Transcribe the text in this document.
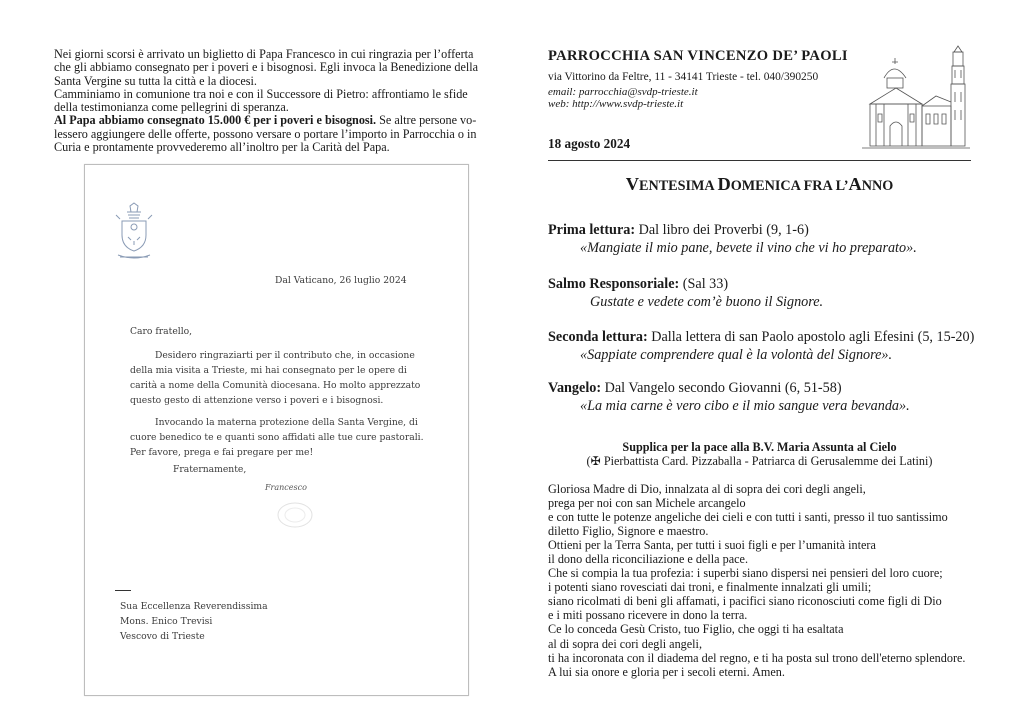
Nei giorni scorsi è arrivato un biglietto di Papa Francesco in cui ringrazia per l’offerta
che gli abbiamo consegnato per i poveri e i bisognosi. Egli invoca la Benedizione della
Santa Vergine su tutta la città e la diocesi.
Camminiamo in comunione tra noi e con il Successore di Pietro: affrontiamo le sfide
della testimonianza come pellegrini di speranza.
Al Papa abbiamo consegnato 15.000 € per i poveri e bisognosi. Se altre persone vo-
lessero aggiungere delle offerte, possono versare o portare l’importo in Parrocchia o in
Curia e prontamente provvederemo all’inoltro per la Carità del Papa.
Dal Vaticano, 26 luglio 2024
Caro fratello,
Desidero ringraziarti per il contributo che, in occasione
della mia visita a Trieste, mi hai consegnato per le opere di
carità a nome della Comunità diocesana. Ho molto apprezzato
questo gesto di attenzione verso i poveri e i bisognosi.
Invocando la materna protezione della Santa Vergine, di
cuore benedico te e quanti sono affidati alle tue cure pastorali.
Per favore, prega e fai pregare per me!
Fraternamente,
Francesco
Sua Eccellenza Reverendissima
Mons. Enico Trevisi
Vescovo di Trieste
PARROCCHIA SAN VINCENZO DE’ PAOLI
via Vittorino da Feltre, 11 - 34141 Trieste - tel. 040/390250
email: parrocchia@svdp-trieste.it
web: http://www.svdp-trieste.it
18 agosto 2024
VENTESIMA DOMENICA FRA L’ANNO
Prima lettura: Dal libro dei Proverbi (9, 1-6)
«Mangiate il mio pane, bevete il vino che vi ho preparato».
Salmo Responsoriale: (Sal 33)
Gustate e vedete com’è buono il Signore.
Seconda lettura: Dalla lettera di san Paolo apostolo agli Efesini (5, 15-20)
«Sappiate comprendere qual è la volontà del Signore».
Vangelo: Dal Vangelo secondo Giovanni (6, 51-58)
«La mia carne è vero cibo e il mio sangue vera bevanda».
Supplica per la pace alla B.V. Maria Assunta al Cielo
(✠ Pierbattista Card. Pizzaballa - Patriarca di Gerusalemme dei Latini)
Gloriosa Madre di Dio, innalzata al di sopra dei cori degli angeli,
prega per noi con san Michele arcangelo
e con tutte le potenze angeliche dei cieli e con tutti i santi, presso il tuo santissimo
diletto Figlio, Signore e maestro.
Ottieni per la Terra Santa, per tutti i suoi figli e per l’umanità intera
il dono della riconciliazione e della pace.
Che si compia la tua profezia: i superbi siano dispersi nei pensieri del loro cuore;
i potenti siano rovesciati dai troni, e finalmente innalzati gli umili;
siano ricolmati di beni gli affamati, i pacifici siano riconosciuti come figli di Dio
e i miti possano ricevere in dono la terra.
Ce lo conceda Gesù Cristo, tuo Figlio, che oggi ti ha esaltata
al di sopra dei cori degli angeli,
ti ha incoronata con il diadema del regno, e ti ha posta sul trono dell'eterno splendore.
A lui sia onore e gloria per i secoli eterni. Amen.
